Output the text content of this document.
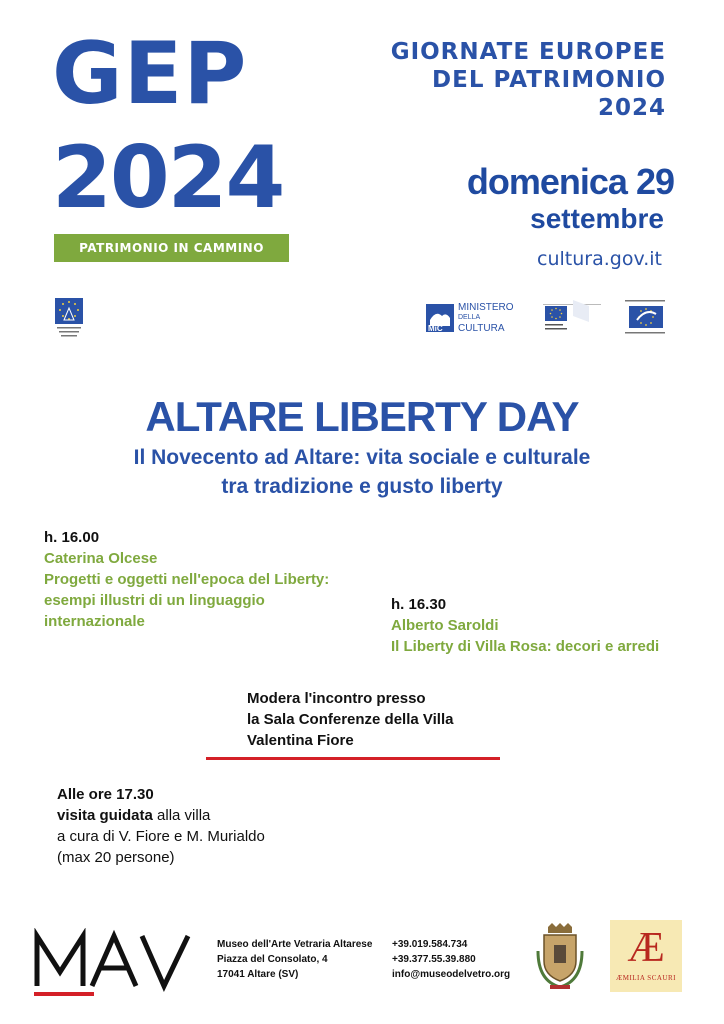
GEP
2024
PATRIMONIO IN CAMMINO
GIORNATE EUROPEE
DEL PATRIMONIO
2024
domenica 29
settembre
cultura.gov.it
MiC
MINISTERO
DELLA
CULTURA
ALTARE LIBERTY DAY
Il Novecento ad Altare: vita sociale e culturale
tra tradizione e gusto liberty
h. 16.00
Caterina Olcese
Progetti e oggetti nell'epoca del Liberty:
esempi illustri di un linguaggio
internazionale
h. 16.30
Alberto Saroldi
Il Liberty di Villa Rosa: decori e arredi
Modera l'incontro presso
la Sala Conferenze della Villa
Valentina Fiore
Alle ore 17.30
visita guidata alla villa
a cura di V. Fiore e M. Murialdo
(max 20 persone)
Museo dell'Arte Vetraria Altarese
Piazza del Consolato, 4
17041 Altare (SV)
+39.019.584.734
+39.377.55.39.880
info@museodelvetro.org
Æ
ÆMILIA SCAURI
